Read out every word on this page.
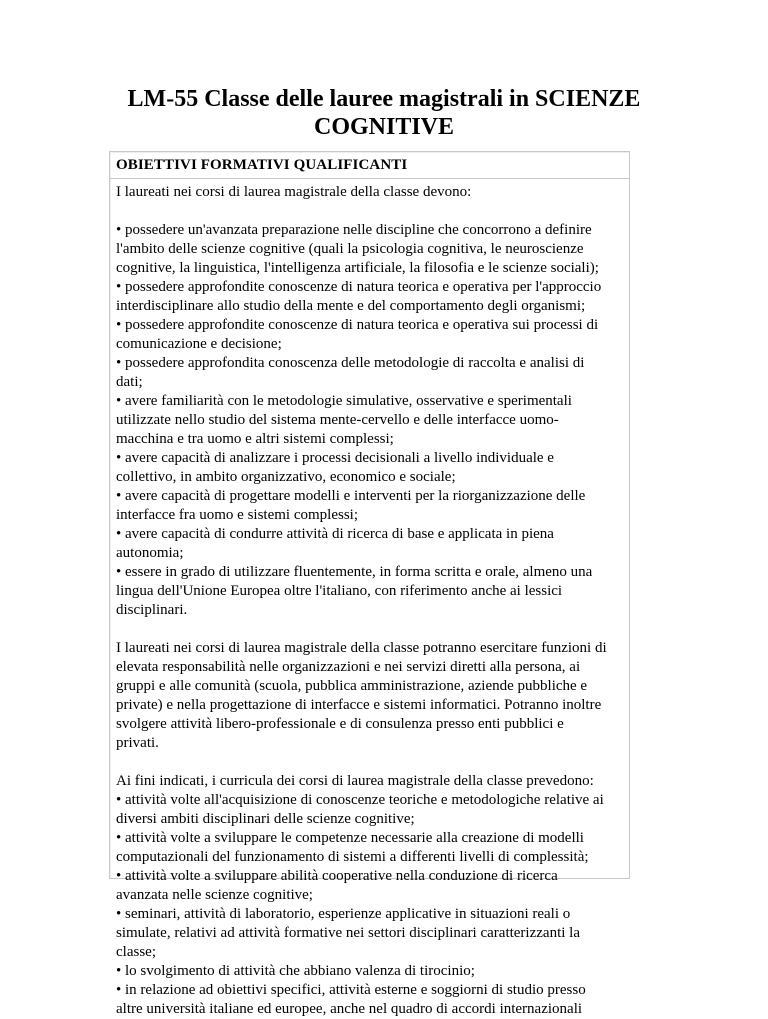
LM-55 Classe delle lauree magistrali in SCIENZE
COGNITIVE
OBIETTIVI FORMATIVI QUALIFICANTI

I laureati nei corsi di laurea magistrale della classe devono:

• possedere un'avanzata preparazione nelle discipline che concorrono a definire
l'ambito delle scienze cognitive (quali la psicologia cognitiva, le neuroscienze
cognitive, la linguistica, l'intelligenza artificiale, la filosofia e le scienze sociali);
• possedere approfondite conoscenze di natura teorica e operativa per l'approccio
interdisciplinare allo studio della mente e del comportamento degli organismi;
• possedere approfondite conoscenze di natura teorica e operativa sui processi di
comunicazione e decisione;
• possedere approfondita conoscenza delle metodologie di raccolta e analisi di
dati;
• avere familiarità con le metodologie simulative, osservative e sperimentali
utilizzate nello studio del sistema mente-cervello e delle interfacce uomo-
macchina e tra uomo e altri sistemi complessi;
• avere capacità di analizzare i processi decisionali a livello individuale e
collettivo, in ambito organizzativo, economico e sociale;
• avere capacità di progettare modelli e interventi per la riorganizzazione delle
interfacce fra uomo e sistemi complessi;
• avere capacità di condurre attività di ricerca di base e applicata in piena
autonomia;
• essere in grado di utilizzare fluentemente, in forma scritta e orale, almeno una
lingua dell'Unione Europea oltre l'italiano, con riferimento anche ai lessici
disciplinari.

I laureati nei corsi di laurea magistrale della classe potranno esercitare funzioni di
elevata responsabilità nelle organizzazioni e nei servizi diretti alla persona, ai
gruppi e alle comunità (scuola, pubblica amministrazione, aziende pubbliche e
private) e nella progettazione di interfacce e sistemi informatici. Potranno inoltre
svolgere attività libero-professionale e di consulenza presso enti pubblici e
privati.

Ai fini indicati, i curricula dei corsi di laurea magistrale della classe prevedono:
• attività volte all'acquisizione di conoscenze teoriche e metodologiche relative ai
diversi ambiti disciplinari delle scienze cognitive;
• attività volte a sviluppare le competenze necessarie alla creazione di modelli
computazionali del funzionamento di sistemi a differenti livelli di complessità;
• attività volte a sviluppare abilità cooperative nella conduzione di ricerca
avanzata nelle scienze cognitive;
• seminari, attività di laboratorio, esperienze applicative in situazioni reali o
simulate, relativi ad attività formative nei settori disciplinari caratterizzanti la
classe;
• lo svolgimento di attività che abbiano valenza di tirocinio;
• in relazione ad obiettivi specifici, attività esterne e soggiorni di studio presso
altre università italiane ed europee, anche nel quadro di accordi internazionali
